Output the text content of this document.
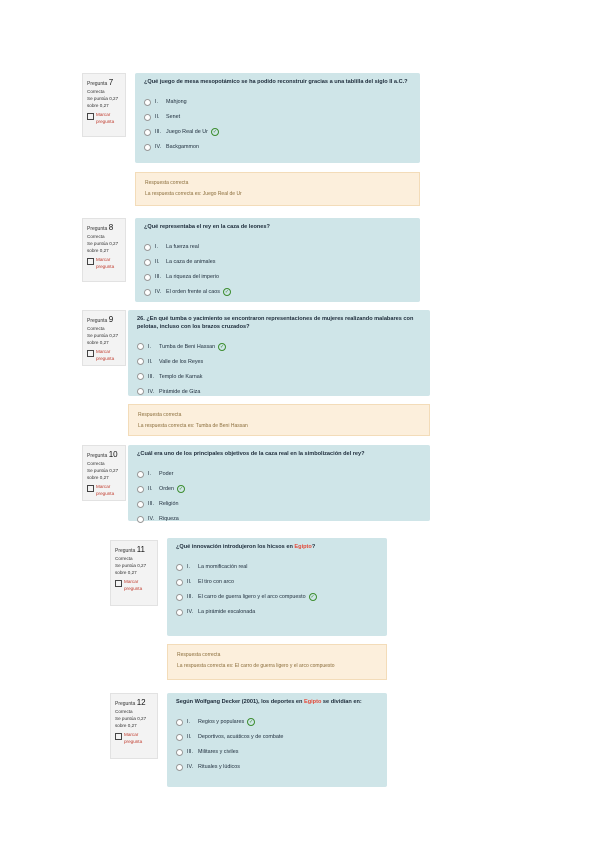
Pregunta 7
Correcta
Se puntúa 0,27 sobre 0,27
Marcar pregunta
¿Qué juego de mesa mesopotámico se ha podido reconstruir gracias a una tablilla del siglo II a.C.?
I.	Mahjong
II.	Senet
III. Juego Real de Ur ✓
IV. Backgammon
Respuesta correcta
La respuesta correcta es: Juego Real de Ur
Pregunta 8
Correcta
Se puntúa 0,27 sobre 0,27
Marcar pregunta
¿Qué representaba el rey en la caza de leones?
I.	La fuerza real
II.	La caza de animales
III. La riqueza del imperio
IV. El orden frente al caos ✓
Pregunta 9
Correcta
Se puntúa 0,27 sobre 0,27
Marcar pregunta
26. ¿En qué tumba o yacimiento se encontraron representaciones de mujeres realizando malabares con pelotas, incluso con los brazos cruzados?
I.	Tumba de Beni Hassan ✓
II.	Valle de los Reyes
III. Templo de Karnak
IV. Pirámide de Giza
Respuesta correcta
La respuesta correcta es: Tumba de Beni Hassan
Pregunta 10
Correcta
Se puntúa 0,27 sobre 0,27
Marcar pregunta
¿Cuál era uno de los principales objetivos de la caza real en la simbolización del rey?
I.	Poder
II.	Orden ✓
III. Religión
IV. Riqueza
Pregunta 11
Correcta
Se puntúa 0,27 sobre 0,27
Marcar pregunta
¿Qué innovación introdujeron los hicsos en Egipto?
I.	La momificación real
II.	El tiro con arco
III. El carro de guerra ligero y el arco compuesto ✓
IV. La pirámide escalonada
Respuesta correcta
La respuesta correcta es: El carro de guerra ligero y el arco compuesto
Pregunta 12
Correcta
Se puntúa 0,27 sobre 0,27
Marcar pregunta
Según Wolfgang Decker (2001), los deportes en Egipto se dividían en:
I.	Regios y populares ✓
II.	Deportivos, acuáticos y de combate
III. Militares y civiles
IV. Rituales y lúdicos
